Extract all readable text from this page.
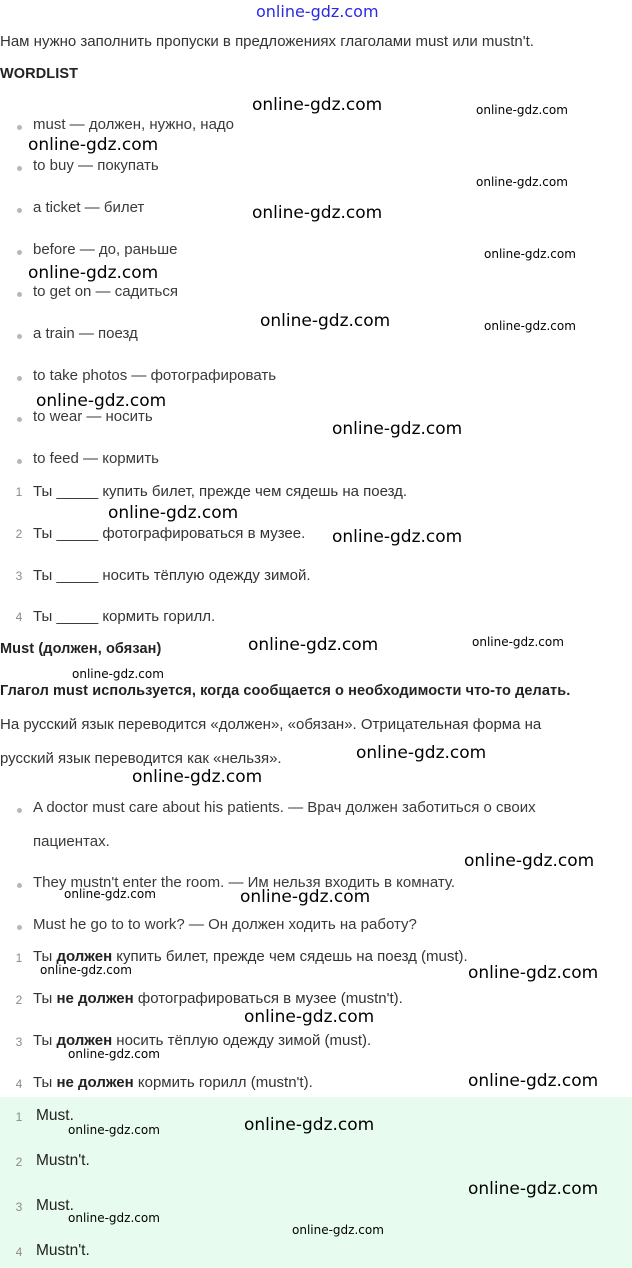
online-gdz.com
Нам нужно заполнить пропуски в предложениях глаголами must или mustn't.
WORDLIST
must — должен, нужно, надо
to buy — покупать
a ticket — билет
before — до, раньше
to get on — садиться
a train — поезд
to take photos — фотографировать
to wear — носить
to feed — кормить
1 Ты _____ купить билет, прежде чем сядешь на поезд.
2 Ты _____ фотографироваться в музее.
3 Ты _____ носить тёплую одежду зимой.
4 Ты _____ кормить горилл.
Must (должен, обязан)
Глагол must используется, когда сообщается о необходимости что-то делать.
На русский язык переводится «должен», «обязан». Отрицательная форма на
русский язык переводится как «нельзя».
A doctor must care about his patients. — Врач должен заботиться о своих
пациентах.
They mustn't enter the room. — Им нельзя входить в комнату.
Must he go to to work? — Он должен ходить на работу?
1 Ты должен купить билет, прежде чем сядешь на поезд (must).
2 Ты не должен фотографироваться в музее (mustn't).
3 Ты должен носить тёплую одежду зимой (must).
4 Ты не должен кормить горилл (mustn't).
1 Must.
2 Mustn't.
3 Must.
4 Mustn't.
online-gdz.com	online-gdz.com
online-gdz.com
online-gdz.com
online-gdz.com
online-gdz.com
online-gdz.com
online-gdz.com	online-gdz.com
online-gdz.com
online-gdz.com
online-gdz.com
online-gdz.com
online-gdz.com	online-gdz.com
online-gdz.com
online-gdz.com
online-gdz.com
online-gdz.com
online-gdz.com	online-gdz.com
online-gdz.com	online-gdz.com
online-gdz.com
online-gdz.com
online-gdz.com
online-gdz.com	online-gdz.com
online-gdz.com
online-gdz.com
online-gdz.com
